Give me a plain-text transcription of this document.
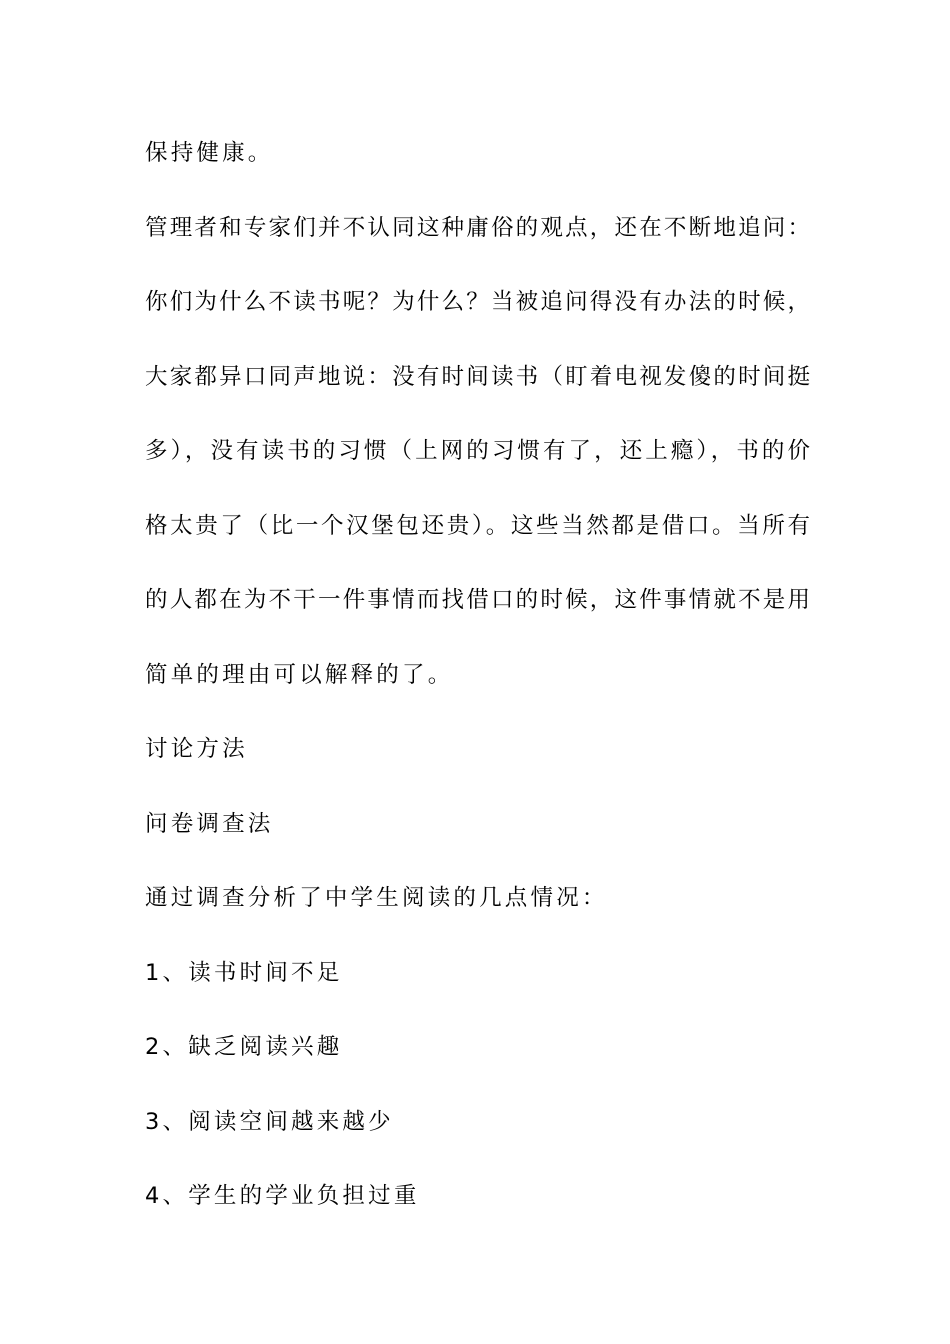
保持健康。
管理者和专家们并不认同这种庸俗的观点，还在不断地追问：
你们为什么不读书呢？为什么？当被追问得没有办法的时候，
大家都异口同声地说：没有时间读书（盯着电视发傻的时间挺
多），没有读书的习惯（上网的习惯有了，还上瘾），书的价
格太贵了（比一个汉堡包还贵）。这些当然都是借口。当所有
的人都在为不干一件事情而找借口的时候，这件事情就不是用
简单的理由可以解释的了。
讨论方法
问卷调查法
通过调查分析了中学生阅读的几点情况：
1、读书时间不足
2、缺乏阅读兴趣
3、阅读空间越来越少
4、学生的学业负担过重
